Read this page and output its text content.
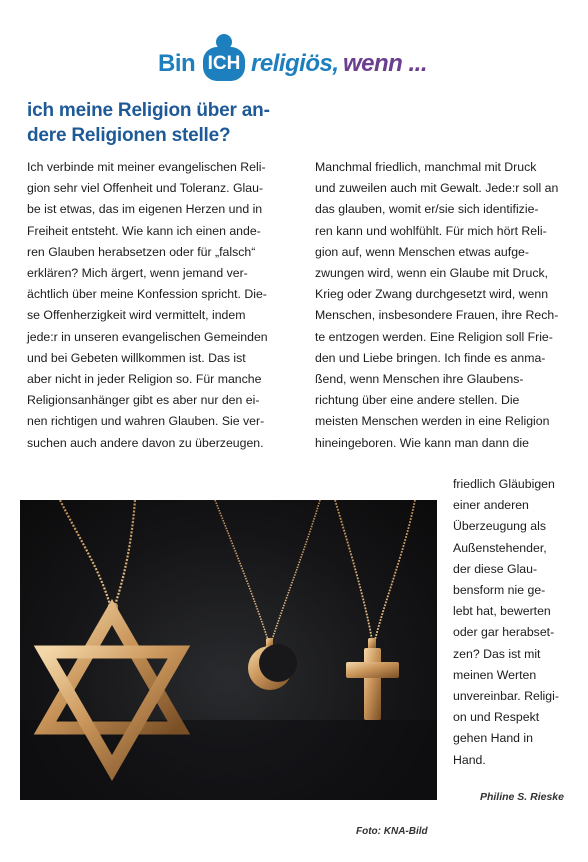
Bin ICH religiös, wenn ...
ich meine Religion über an-
dere Religionen stelle?
Ich verbinde mit meiner evangelischen Reli-
gion sehr viel Offenheit und Toleranz. Glau-
be ist etwas, das im eigenen Herzen und in
Freiheit entsteht. Wie kann ich einen ande-
ren Glauben herabsetzen oder für „falsch“
erklären? Mich ärgert, wenn jemand ver-
ächtlich über meine Konfession spricht. Die-
se Offenherzigkeit wird vermittelt, indem
jede:r in unseren evangelischen Gemeinden
und bei Gebeten willkommen ist. Das ist
aber nicht in jeder Religion so. Für manche
Religionsanhänger gibt es aber nur den ei-
nen richtigen und wahren Glauben. Sie ver-
suchen auch andere davon zu überzeugen.
Manchmal friedlich, manchmal mit Druck
und zuweilen auch mit Gewalt. Jede:r soll an
das glauben, womit er/sie sich identifizie-
ren kann und wohlfühlt. Für mich hört Reli-
gion auf, wenn Menschen etwas aufge-
zwungen wird, wenn ein Glaube mit Druck,
Krieg oder Zwang durchgesetzt wird, wenn
Menschen, insbesondere Frauen, ihre Rech-
te entzogen werden. Eine Religion soll Frie-
den und Liebe bringen. Ich finde es anma-
ßend, wenn Menschen ihre Glaubens-
richtung über eine andere stellen. Die
meisten Menschen werden in eine Religion
hineingeboren. Wie kann man dann die
friedlich Gläubigen
einer anderen
Überzeugung als
Außenstehender,
der diese Glau-
bensform nie ge-
lebt hat, bewerten
oder gar herabset-
zen? Das ist mit
meinen Werten
unvereinbar. Religi-
on und Respekt
gehen Hand in
Hand.
Philine S. Rieske
Foto: KNA-Bild
